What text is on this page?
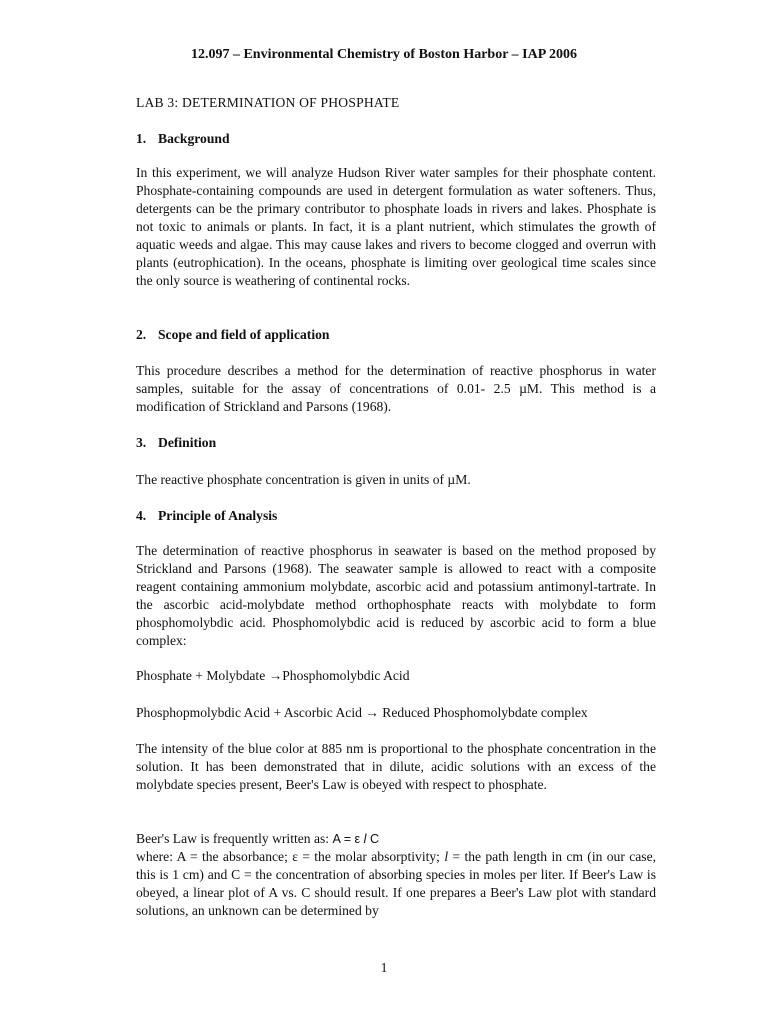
12.097 – Environmental Chemistry of Boston Harbor – IAP 2006
LAB 3: DETERMINATION OF PHOSPHATE
1. Background
In this experiment, we will analyze Hudson River water samples for their phosphate content. Phosphate-containing compounds are used in detergent formulation as water softeners. Thus, detergents can be the primary contributor to phosphate loads in rivers and lakes. Phosphate is not toxic to animals or plants. In fact, it is a plant nutrient, which stimulates the growth of aquatic weeds and algae. This may cause lakes and rivers to become clogged and overrun with plants (eutrophication). In the oceans, phosphate is limiting over geological time scales since the only source is weathering of continental rocks.
2. Scope and field of application
This procedure describes a method for the determination of reactive phosphorus in water samples, suitable for the assay of concentrations of 0.01- 2.5 µM. This method is a modification of Strickland and Parsons (1968).
3. Definition
The reactive phosphate concentration is given in units of µM.
4. Principle of Analysis
The determination of reactive phosphorus in seawater is based on the method proposed by Strickland and Parsons (1968). The seawater sample is allowed to react with a composite reagent containing ammonium molybdate, ascorbic acid and potassium antimonyl-tartrate. In the ascorbic acid-molybdate method orthophosphate reacts with molybdate to form phosphomolybdic acid. Phosphomolybdic acid is reduced by ascorbic acid to form a blue complex:
Phosphate + Molybdate →Phosphomolybdic Acid
Phosphopmolybdic Acid + Ascorbic Acid → Reduced Phosphomolybdate complex
The intensity of the blue color at 885 nm is proportional to the phosphate concentration in the solution. It has been demonstrated that in dilute, acidic solutions with an excess of the molybdate species present, Beer's Law is obeyed with respect to phosphate.
Beer's Law is frequently written as: A = ε l C
where: A = the absorbance; ε = the molar absorptivity; l = the path length in cm (in our case, this is 1 cm) and C = the concentration of absorbing species in moles per liter. If Beer's Law is obeyed, a linear plot of A vs. C should result. If one prepares a Beer's Law plot with standard solutions, an unknown can be determined by
1
